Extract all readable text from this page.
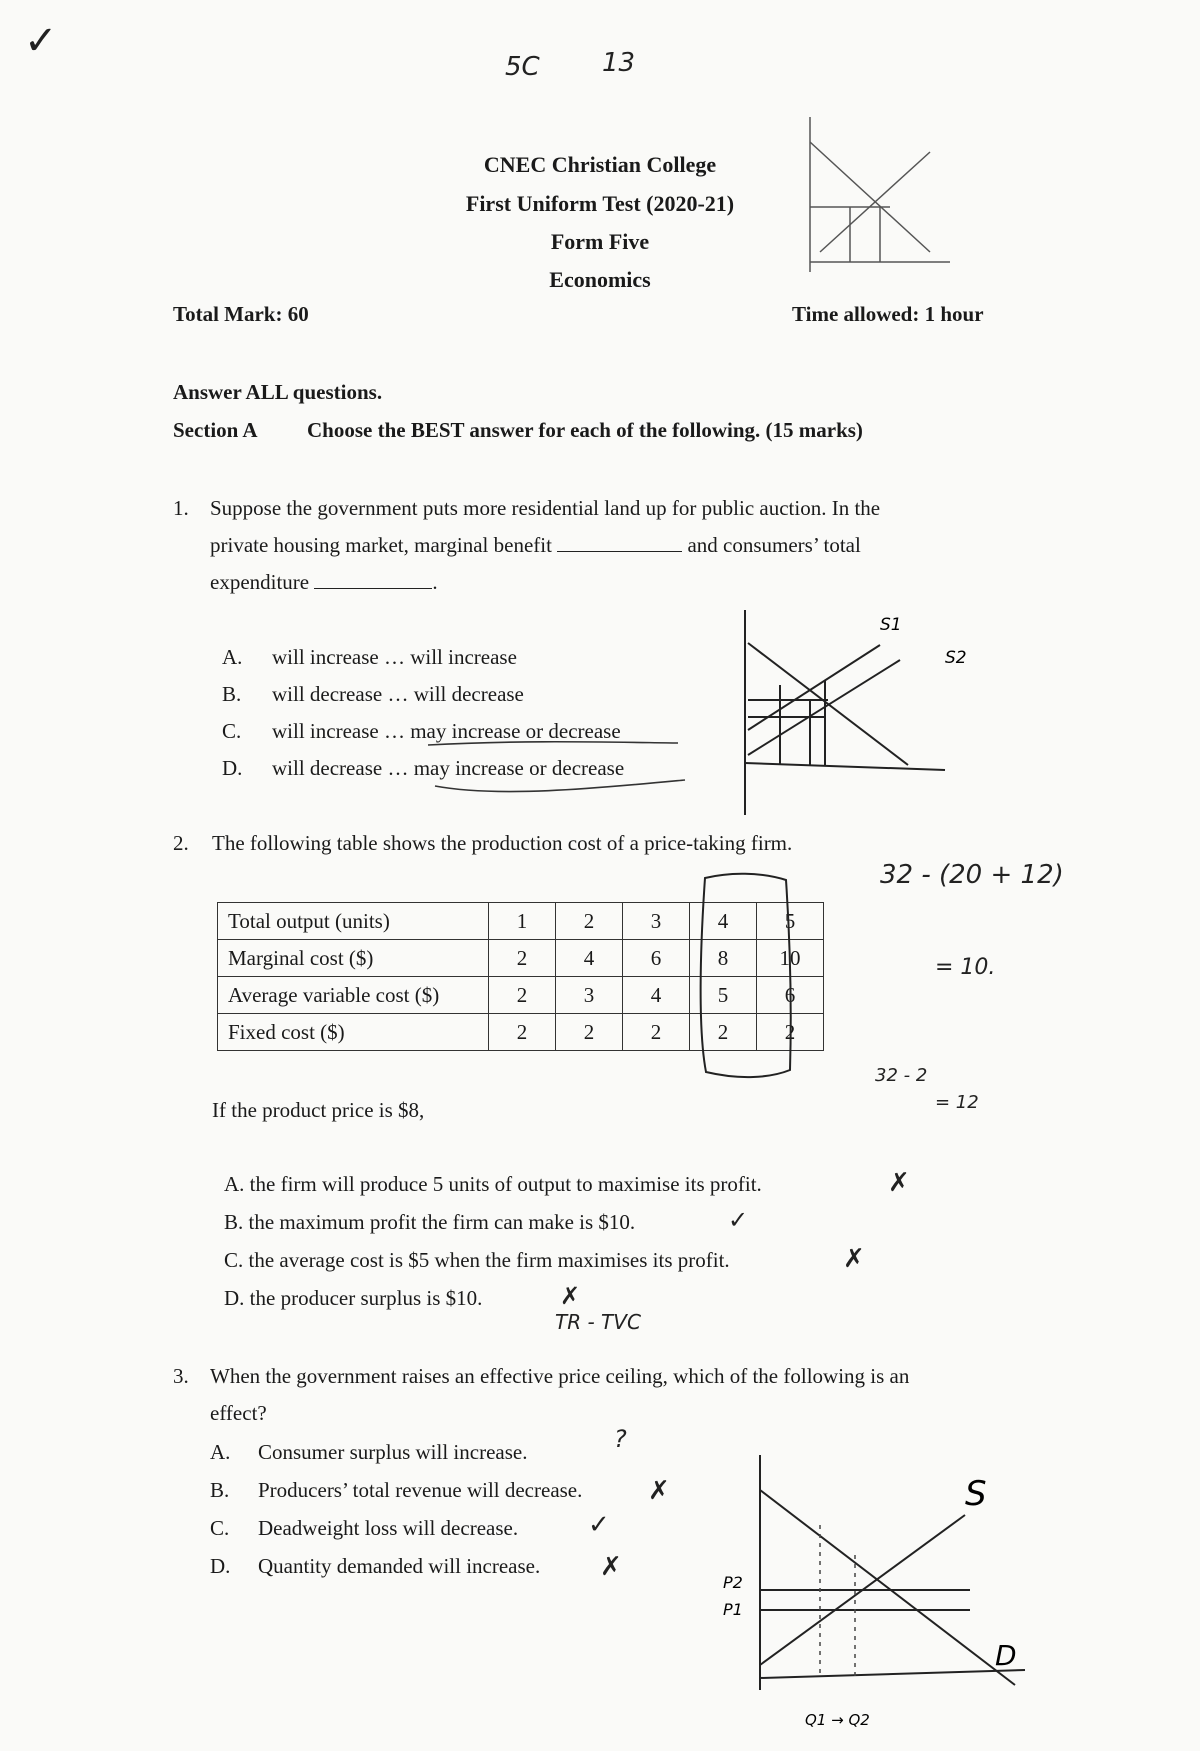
✓
5C 13
CNEC Christian College
First Uniform Test (2020-21)
Form Five
Economics
Total Mark: 60	Time allowed: 1 hour
Answer ALL questions.
Section A Choose the BEST answer for each of the following. (15 marks)
1. Suppose the government puts more residential land up for public auction. In the
private housing market, marginal benefit	and consumers’ total
expenditure	.
A. will increase … will increase
B. will decrease … will decrease
C. will increase … may increase or decrease
D. will decrease … may increase or decrease
S1
S2
2. The following table shows the production cost of a price-taking firm.
Total output (units)	1	2	3	4	5
Marginal cost ($)	2	4	6	8	10
Average variable cost ($)	2	3	4	5	6
Fixed cost ($)	2	2	2	2	2
32 - (20 + 12)
= 10.
32 - 2
= 12
If the product price is $8,
A. the firm will produce 5 units of output to maximise its profit.
B. the maximum profit the firm can make is $10.
C. the average cost is $5 when the firm maximises its profit.
D. the producer surplus is $10.
✗
✓
✗
✗
TR - TVC
3. When the government raises an effective price ceiling, which of the following is an
effect?
A. Consumer surplus will increase.
B. Producers’ total revenue will decrease.
C. Deadweight loss will decrease.
D. Quantity demanded will increase.
?
✗
✓
✗
S
D
P2
P1
Q1 → Q2
